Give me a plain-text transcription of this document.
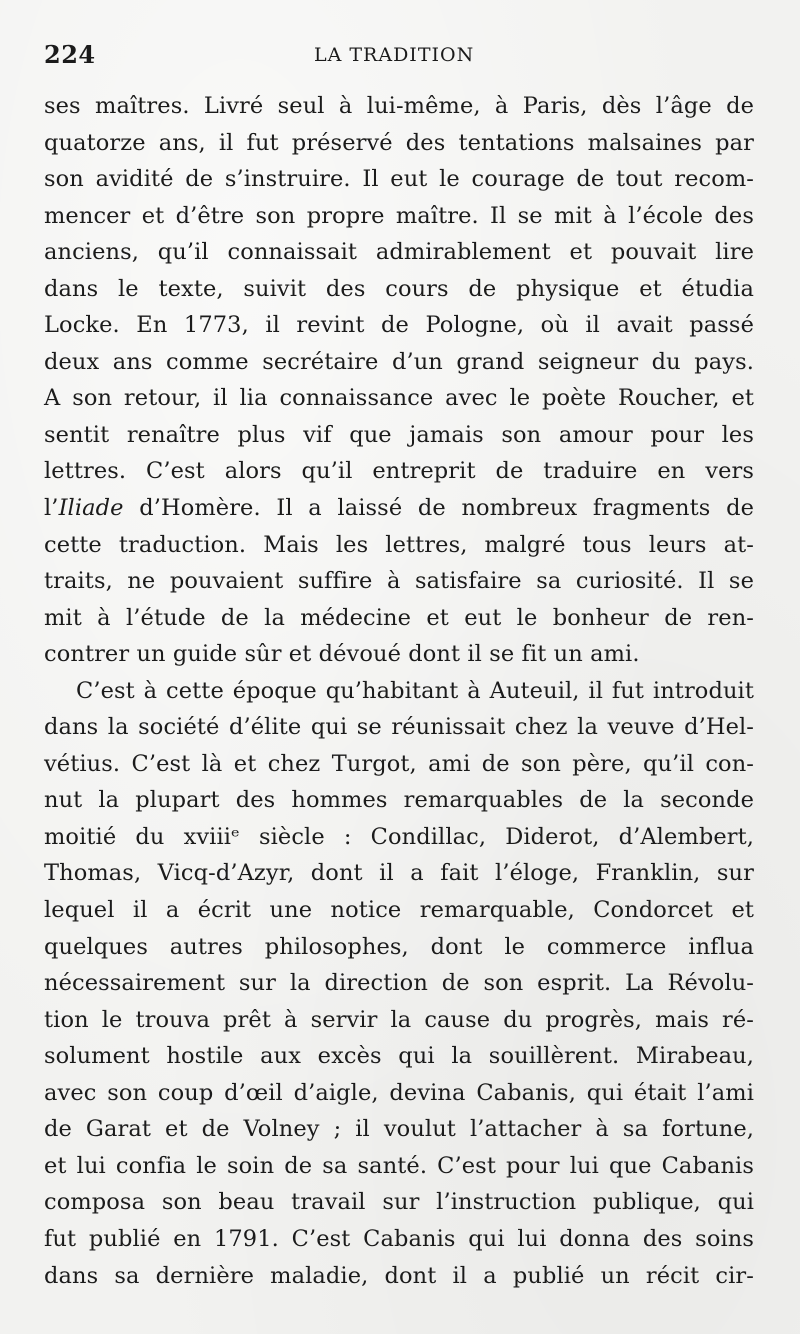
224	LA TRADITION
ses maîtres. Livré seul à lui-même, à Paris, dès l’âge de
quatorze ans, il fut préservé des tentations malsaines par
son avidité de s’instruire. Il eut le courage de tout recom-
mencer et d’être son propre maître. Il se mit à l’école des
anciens, qu’il connaissait admirablement et pouvait lire
dans le texte, suivit des cours de physique et étudia
Locke. En 1773, il revint de Pologne, où il avait passé
deux ans comme secrétaire d’un grand seigneur du pays.
A son retour, il lia connaissance avec le poète Roucher, et
sentit renaître plus vif que jamais son amour pour les
lettres. C’est alors qu’il entreprit de traduire en vers
l’Iliade d’Homère. Il a laissé de nombreux fragments de
cette traduction. Mais les lettres, malgré tous leurs at-
traits, ne pouvaient suffire à satisfaire sa curiosité. Il se
mit à l’étude de la médecine et eut le bonheur de ren-
contrer un guide sûr et dévoué dont il se fit un ami.
C’est à cette époque qu’habitant à Auteuil, il fut introduit
dans la société d’élite qui se réunissait chez la veuve d’Hel-
vétius. C’est là et chez Turgot, ami de son père, qu’il con-
nut la plupart des hommes remarquables de la seconde
moitié du xviiiᵉ siècle : Condillac, Diderot, d’Alembert,
Thomas, Vicq-d’Azyr, dont il a fait l’éloge, Franklin, sur
lequel il a écrit une notice remarquable, Condorcet et
quelques autres philosophes, dont le commerce influa
nécessairement sur la direction de son esprit. La Révolu-
tion le trouva prêt à servir la cause du progrès, mais ré-
solument hostile aux excès qui la souillèrent. Mirabeau,
avec son coup d’œil d’aigle, devina Cabanis, qui était l’ami
de Garat et de Volney ; il voulut l’attacher à sa fortune,
et lui confia le soin de sa santé. C’est pour lui que Cabanis
composa son beau travail sur l’instruction publique, qui
fut publié en 1791. C’est Cabanis qui lui donna des soins
dans sa dernière maladie, dont il a publié un récit cir-
